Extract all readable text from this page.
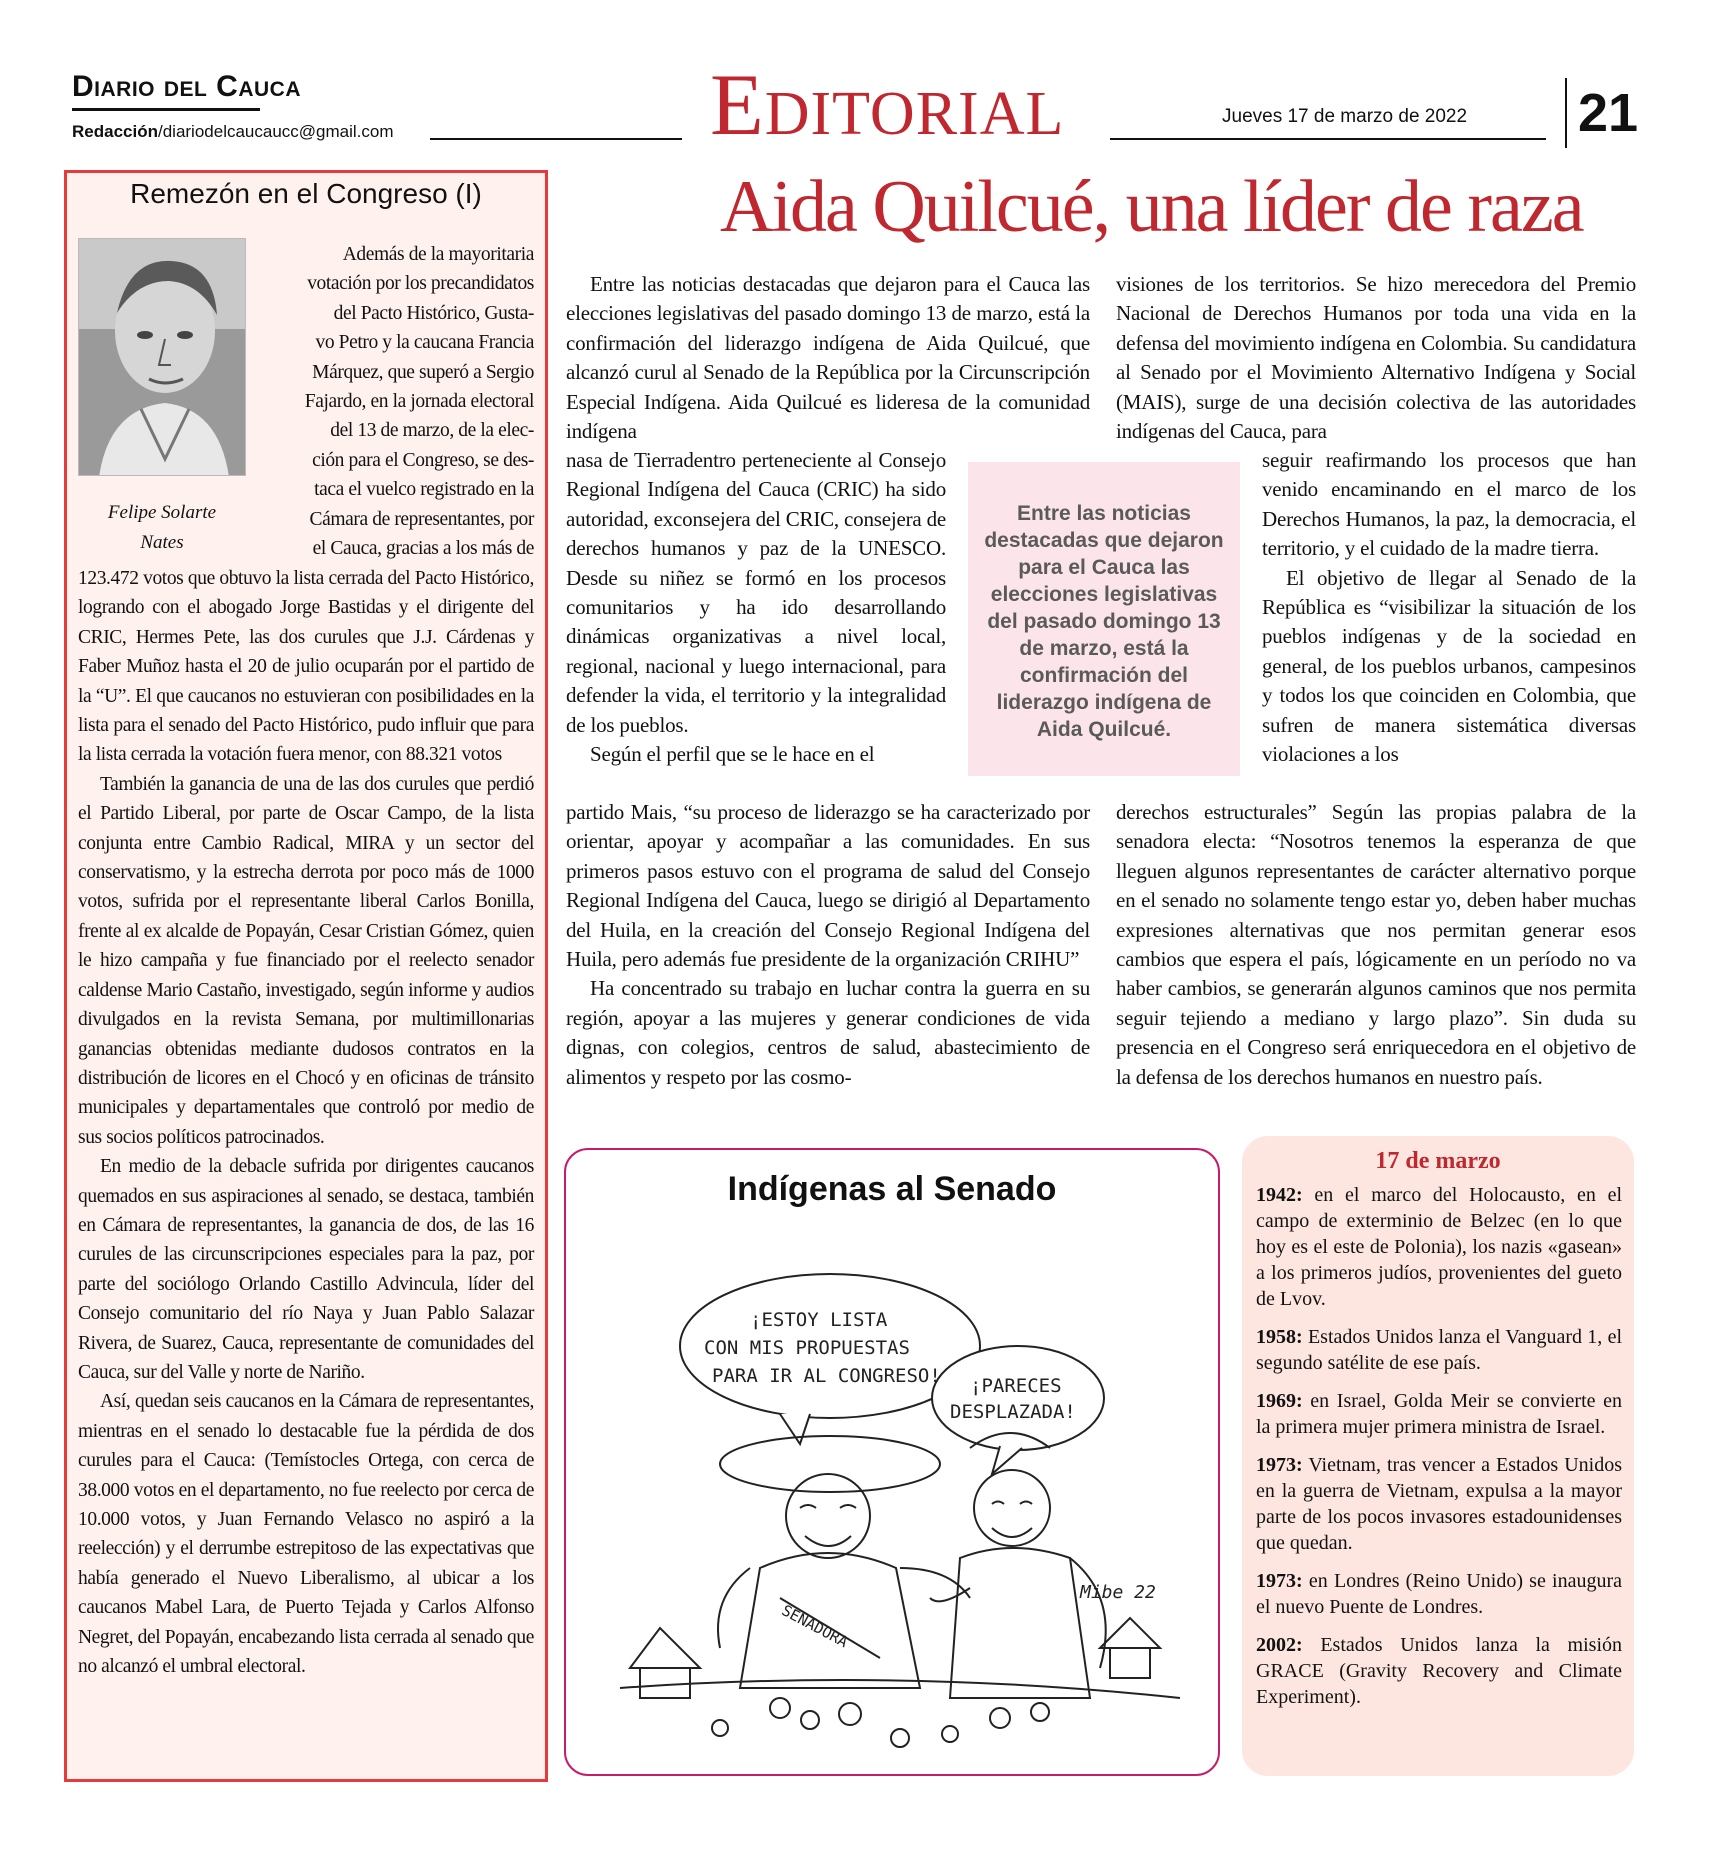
Diario del Cauca
Redacción/diariodelcaucaucc@gmail.com	Editorial	Jueves 17 de marzo de 2022 21
Remezón en el Congreso (I)
Felipe Solarte
Nates
Además de la mayoritaria
votación por los precandidatos
del Pacto Histórico, Gusta-
vo Petro y la caucana Francia
Márquez, que superó a Sergio
Fajardo, en la jornada electoral
del 13 de marzo, de la elec-
ción para el Congreso, se des-
taca el vuelco registrado en la
Cámara de representantes, por
el Cauca, gracias a los más de

123.472 votos que obtuvo la lista cerrada del Pacto Histórico, logrando con el abogado Jorge Bastidas y el dirigente del CRIC, Hermes Pete, las dos curules que J.J. Cárdenas y Faber Muñoz hasta el 20 de julio ocuparán por el partido de la “U”. El que caucanos no estuvieran con posibilidades en la lista para el senado del Pacto Histórico, pudo influir que para la lista cerrada la votación fuera menor, con 88.321 votos

También la ganancia de una de las dos curules que perdió el Partido Liberal, por parte de Oscar Campo, de la lista conjunta entre Cambio Radical, MIRA y un sector del conservatismo, y la estrecha derrota por poco más de 1000 votos, sufrida por el representante liberal Carlos Bonilla, frente al ex alcalde de Popayán, Cesar Cristian Gómez, quien le hizo campaña y fue financiado por el reelecto senador caldense Mario Castaño, investigado, según informe y audios divulgados en la revista Semana, por multimillonarias ganancias obtenidas mediante dudosos contratos en la distribución de licores en el Chocó y en oficinas de tránsito municipales y departamentales que controló por medio de sus socios políticos patrocinados.

En medio de la debacle sufrida por dirigentes caucanos quemados en sus aspiraciones al senado, se destaca, también en Cámara de representantes, la ganancia de dos, de las 16 curules de las circunscripciones especiales para la paz, por parte del sociólogo Orlando Castillo Advincula, líder del Consejo comunitario del río Naya y Juan Pablo Salazar Rivera, de Suarez, Cauca, representante de comunidades del Cauca, sur del Valle y norte de Nariño.

Así, quedan seis caucanos en la Cámara de representantes, mientras en el senado lo destacable fue la pérdida de dos curules para el Cauca: (Temístocles Ortega, con cerca de 38.000 votos en el departamento, no fue reelecto por cerca de 10.000 votos, y Juan Fernando Velasco no aspiró a la reelección) y el derrumbe estrepitoso de las expectativas que había generado el Nuevo Liberalismo, al ubicar a los caucanos Mabel Lara, de Puerto Tejada y Carlos Alfonso Negret, del Popayán, encabezando lista cerrada al senado que no alcanzó el umbral electoral.

Aida Quilcué, una líder de raza

Entre las noticias destacadas que dejaron para el Cauca las elecciones legislativas del pasado domingo 13 de marzo, está la confirmación del liderazgo indígena de Aida Quilcué, que alcanzó curul al Senado de la República por la Circunscripción Especial Indígena. Aida Quilcué es lideresa de la comunidad indígena

nasa de Tierradentro perteneciente al Consejo Regional Indígena del Cauca (CRIC) ha sido autoridad, exconsejera del CRIC, consejera de derechos humanos y paz de la UNESCO. Desde su niñez se formó en los procesos comunitarios y ha ido desarrollando dinámicas organizativas a nivel local, regional, nacional y luego internacional, para defender la vida, el territorio y la integralidad de los pueblos.

Según el perfil que se le hace en el

partido Mais, “su proceso de liderazgo se ha caracterizado por orientar, apoyar y acompañar a las comunidades. En sus primeros pasos estuvo con el programa de salud del Consejo Regional Indígena del Cauca, luego se dirigió al Departamento del Huila, en la creación del Consejo Regional Indígena del Huila, pero además fue presidente de la organización CRIHU”

Ha concentrado su trabajo en luchar contra la guerra en su región, apoyar a las mujeres y generar condiciones de vida dignas, con colegios, centros de salud, abastecimiento de alimentos y respeto por las cosmo-

visiones de los territorios. Se hizo merecedora del Premio Nacional de Derechos Humanos por toda una vida en la defensa del movimiento indígena en Colombia. Su candidatura al Senado por el Movimiento Alternativo Indígena y Social (MAIS), surge de una decisión colectiva de las autoridades indígenas del Cauca, para

seguir reafirmando los procesos que han venido encaminando en el marco de los Derechos Humanos, la paz, la democracia, el territorio, y el cuidado de la madre tierra.

El objetivo de llegar al Senado de la República es “visibilizar la situación de los pueblos indígenas y de la sociedad en general, de los pueblos urbanos, campesinos y todos los que coinciden en Colombia, que sufren de manera sistemática diversas violaciones a los

derechos estructurales” Según las propias palabra de la senadora electa: “Nosotros tenemos la esperanza de que lleguen algunos representantes de carácter alternativo porque en el senado no solamente tengo estar yo, deben haber muchas expresiones alternativas que nos permitan generar esos cambios que espera el país, lógicamente en un período no va haber cambios, se generarán algunos caminos que nos permita seguir tejiendo a mediano y largo plazo”. Sin duda su presencia en el Congreso será enriquecedora en el objetivo de la defensa de los derechos humanos en nuestro país.

Entre las noticias destacadas que dejaron para el Cauca las elecciones legislativas del pasado domingo 13 de marzo, está la confirmación del liderazgo indígena de Aida Quilcué.
Indígenas al Senado
¡ESTOY LISTA
CON MIS PROPUESTAS
PARA IR AL CONGRESO! ¡PARECES
DESPLAZADA!
SENADORA
Mibe 22
17 de marzo
1942: en el marco del Holocausto, en el campo de exterminio de Belzec (en lo que hoy es el este de Polonia), los nazis «gasean» a los primeros judíos, provenientes del gueto de Lvov.
1958: Estados Unidos lanza el Vanguard 1, el segundo satélite de ese país.
1969: en Israel, Golda Meir se convierte en la primera mujer primera ministra de Israel.
1973: Vietnam, tras vencer a Estados Unidos en la guerra de Vietnam, expulsa a la mayor parte de los pocos invasores estadounidenses que quedan.
1973: en Londres (Reino Unido) se inaugura el nuevo Puente de Londres.
2002: Estados Unidos lanza la misión GRACE (Gravity Recovery and Climate Experiment).
